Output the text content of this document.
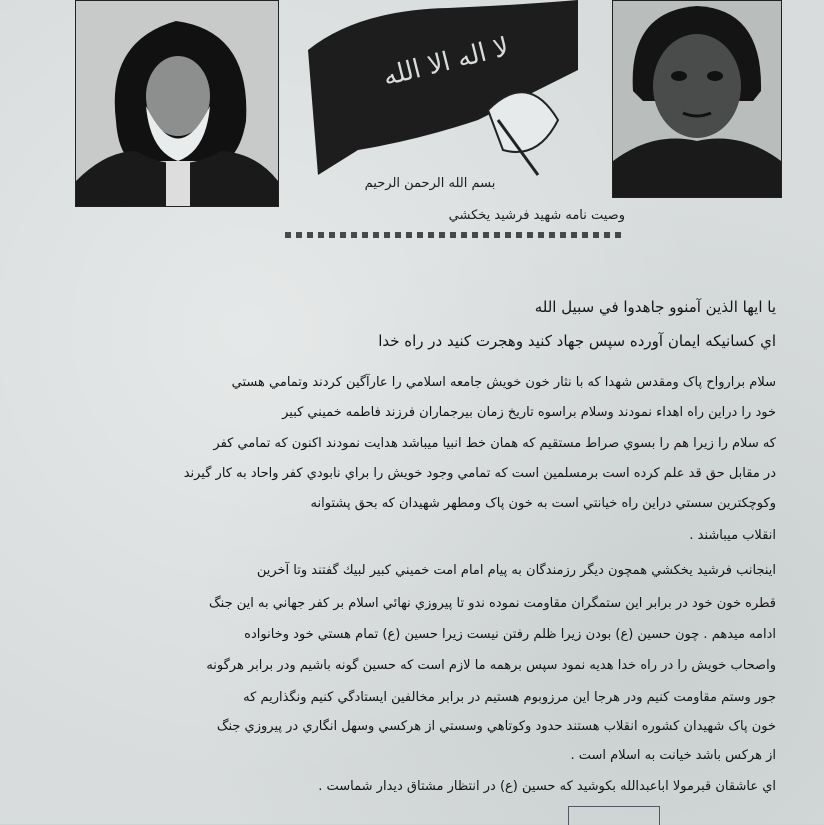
لا اله الا الله
بسم الله الرحمن الرحيم
وصيت نامه شهيد فرشيد يخكشي
يا ايها الذين آمنوو جاهدوا في سبيل الله
اي كسانيكه ايمان آورده سپس جهاد كنيد وهجرت كنيد در راه خدا
سلام برارواح پاک ومقدس شهدا كه با نثار خون خويش جامعه اسلامي را عارآگين كردند وتمامي هستي
خود را دراين راه اهداء نمودند وسلام براسوه تاريخ زمان بيرجماران فرزند فاطمه خميني كبير
كه سلام را زيرا هم را بسوي صراط مستقيم كه همان خط انبيا ميباشد هدايت نمودند اكنون كه تمامي كفر
در مقابل حق قد علم كرده است برمسلمين است كه تمامي وجود خويش را براي نابودي كفر واحاد به كار گيرند
وكوچكترين سستي دراين راه خيانتي است به خون پاک ومطهر شهيدان كه بحق پشتوانه
انقلاب ميباشند .
اينجانب فرشيد يخكشي همچون ديگر رزمندگان به پيام امام امت خميني كبير لبيك گفتند وتا آخرين
قطره خون خود در برابر اين ستمگران مقاومت نموده ندو تا پيروزي نهائي اسلام بر كفر جهاني به اين جنگ
ادامه ميدهم . چون حسين (ع) بودن زيرا ظلم رفتن نيست زيرا حسين (ع) تمام هستي خود وخانواده
واصحاب خويش را در راه خدا هديه نمود سپس برهمه ما لازم است كه حسين گونه باشيم ودر برابر هرگونه
جور وستم مقاومت كنيم ودر هرجا اين مرزوبوم هستيم در برابر مخالفين ايستادگي كنيم ونگذاريم كه
خون پاک شهيدان كشوره انقلاب هستند حدود وكوتاهي وسستي از هركسي وسهل انگاري در پيروزي جنگ
از هركس باشد خيانت به اسلام است .
اي عاشقان قبرمولا اباعبدالله بكوشيد كه حسين (ع) در انتظار مشتاق ديدار شماست .
